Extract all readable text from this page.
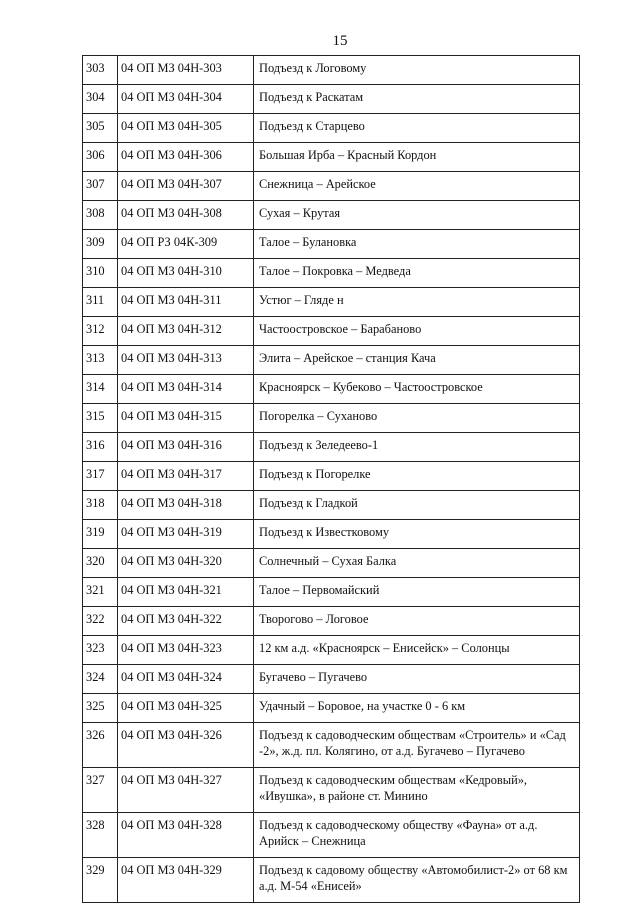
15
303	04 ОП МЗ 04Н-303	Подъезд к Логовому
304	04 ОП МЗ 04Н-304	Подъезд к Раскатам
305	04 ОП МЗ 04Н-305	Подъезд к Старцево
306	04 ОП МЗ 04Н-306	Большая Ирба – Красный Кордон
307	04 ОП МЗ 04Н-307	Снежница – Арейское
308	04 ОП МЗ 04Н-308	Сухая – Крутая
309	04 ОП РЗ 04К-309	Талое – Булановка
310	04 ОП МЗ 04Н-310	Талое – Покровка – Медведа
311	04 ОП МЗ 04Н-311	Устюг – Гляде н
312	04 ОП МЗ 04Н-312	Частоостровское – Барабаново
313	04 ОП МЗ 04Н-313	Элита – Арейское – станция Кача
314	04 ОП МЗ 04Н-314	Красноярск – Кубеково – Частоостровское
315	04 ОП МЗ 04Н-315	Погорелка – Суханово
316	04 ОП МЗ 04Н-316	Подъезд к Зеледеево-1
317	04 ОП МЗ 04Н-317	Подъезд к Погорелке
318	04 ОП МЗ 04Н-318	Подъезд к Гладкой
319	04 ОП МЗ 04Н-319	Подъезд к Известковому
320	04 ОП МЗ 04Н-320	Солнечный – Сухая Балка
321	04 ОП МЗ 04Н-321	Талое – Первомайский
322	04 ОП МЗ 04Н-322	Творогово – Логовое
323	04 ОП МЗ 04Н-323	12 км а.д. «Красноярск – Енисейск» – Солонцы
324	04 ОП МЗ 04Н-324	Бугачево – Пугачево
325	04 ОП МЗ 04Н-325	Удачный – Боровое, на участке 0 - 6 км
326	04 ОП МЗ 04Н-326	Подъезд к садоводческим обществам «Строитель» и «Сад -2», ж.д. пл. Колягино, от а.д. Бугачево – Пугачево
327	04 ОП МЗ 04Н-327	Подъезд к садоводческим обществам «Кедровый», «Ивушка», в районе ст. Минино
328	04 ОП МЗ 04Н-328	Подъезд к садоводческому обществу «Фауна» от а.д. Арийск – Снежница
329	04 ОП МЗ 04Н-329	Подъезд к садовому обществу «Автомобилист-2» от 68 км а.д. М-54 «Енисей»
